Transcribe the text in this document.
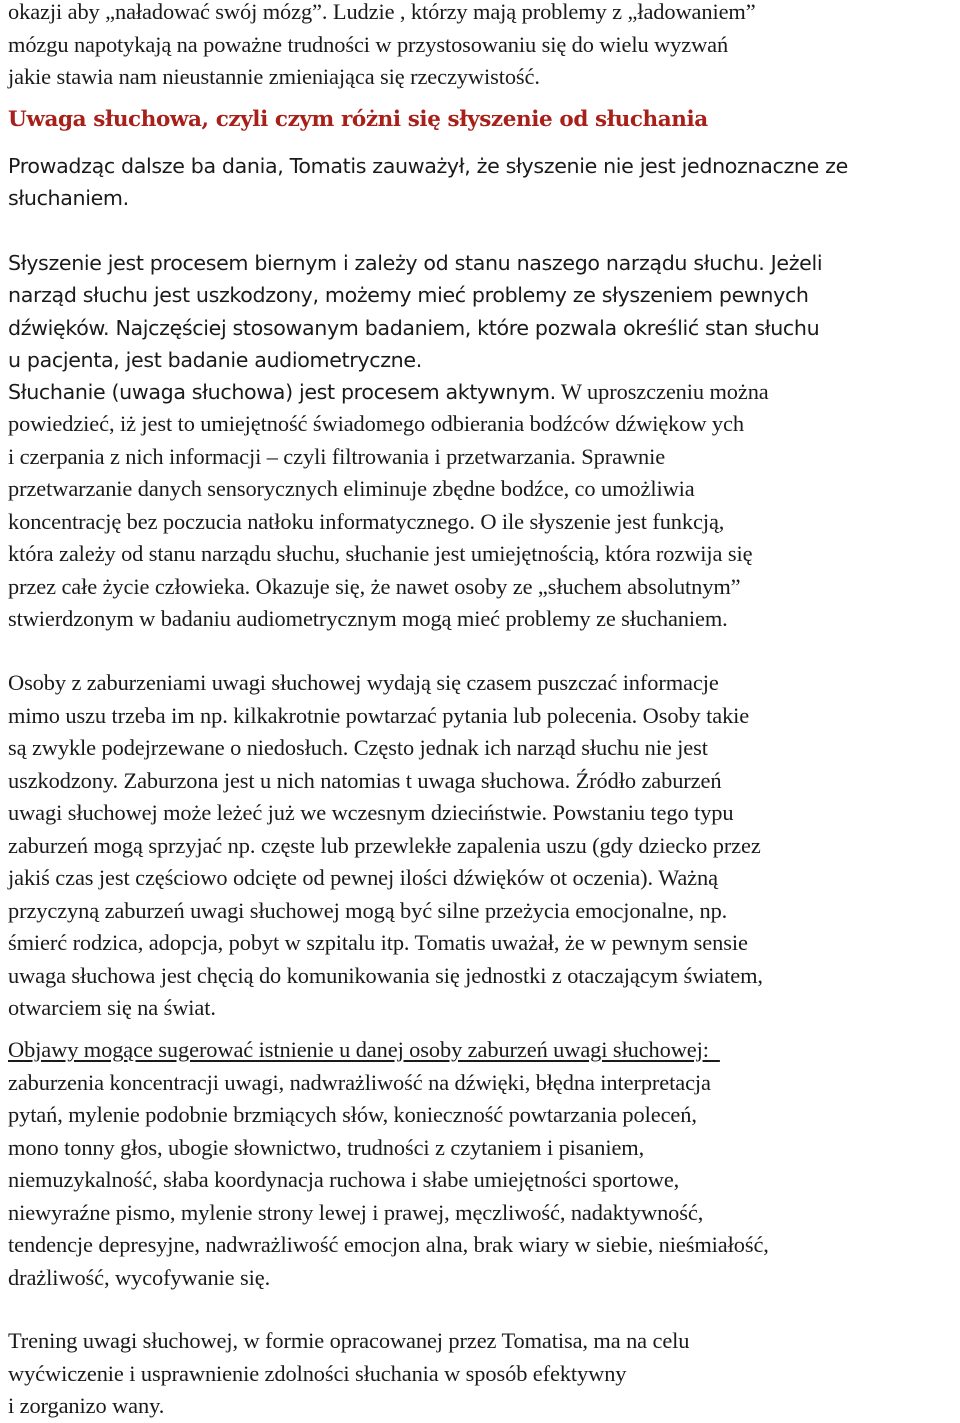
okazji aby „naładować swój mózg”. Ludzie , którzy mają problemy z „ładowaniem”
mózgu napotykają na poważne trudności w przystosowaniu się do wielu wyzwań
jakie stawia nam nieustannie zmieniająca się rzeczywistość.
Uwaga słuchowa, czyli czym różni się słyszenie od słuchania
Prowadząc dalsze ba dania, Tomatis zauważył, że słyszenie nie jest jednoznaczne ze
słuchaniem.
Słyszenie jest procesem biernym i zależy od stanu naszego narządu słuchu. Jeżeli
narząd słuchu jest uszkodzony, możemy mieć problemy ze słyszeniem pewnych
dźwięków. Najczęściej stosowanym badaniem, które pozwala określić stan słuchu
u pacjenta, jest badanie audiometryczne.
Słuchanie (uwaga słuchowa) jest procesem aktywnym. W uproszczeniu można
powiedzieć, iż jest to umiejętność świadomego odbierania bodźców dźwiękow ych
i czerpania z nich informacji – czyli filtrowania i przetwarzania. Sprawnie
przetwarzanie danych sensorycznych eliminuje zbędne bodźce, co umożliwia
koncentrację bez poczucia natłoku informatycznego. O ile słyszenie jest funkcją,
która zależy od stanu narządu słuchu, słuchanie jest umiejętnością, która rozwija się
przez całe życie człowieka. Okazuje się, że nawet osoby ze „słuchem absolutnym”
stwierdzonym w badaniu audiometrycznym mogą mieć problemy ze słuchaniem.
Osoby z zaburzeniami uwagi słuchowej wydają się czasem puszczać informacje
mimo uszu trzeba im np. kilkakrotnie powtarzać pytania lub polecenia. Osoby takie
są zwykle podejrzewane o niedosłuch. Często jednak ich narząd słuchu nie jest
uszkodzony. Zaburzona jest u nich natomias t uwaga słuchowa. Źródło zaburzeń
uwagi słuchowej może leżeć już we wczesnym dzieciństwie. Powstaniu tego typu
zaburzeń mogą sprzyjać np. częste lub przewlekłe zapalenia uszu (gdy dziecko przez
jakiś czas jest częściowo odcięte od pewnej ilości dźwięków ot oczenia). Ważną
przyczyną zaburzeń uwagi słuchowej mogą być silne przeżycia emocjonalne, np.
śmierć rodzica, adopcja, pobyt w szpitalu itp. Tomatis uważał, że w pewnym sensie
uwaga słuchowa jest chęcią do komunikowania się jednostki z otaczającym światem,
otwarciem się na świat.
Objawy mogące sugerować istnienie u danej osoby zaburzeń uwagi słuchowej:
zaburzenia koncentracji uwagi, nadwrażliwość na dźwięki, błędna interpretacja
pytań, mylenie podobnie brzmiących słów, konieczność powtarzania poleceń,
mono tonny głos, ubogie słownictwo, trudności z czytaniem i pisaniem,
niemuzykalność, słaba koordynacja ruchowa i słabe umiejętności sportowe,
niewyraźne pismo, mylenie strony lewej i prawej, męczliwość, nadaktywność,
tendencje depresyjne, nadwrażliwość emocjon alna, brak wiary w siebie, nieśmiałość,
drażliwość, wycofywanie się.
Trening uwagi słuchowej, w formie opracowanej przez Tomatisa, ma na celu
wyćwiczenie i usprawnienie zdolności słuchania w sposób efektywny
i zorganizo wany.
